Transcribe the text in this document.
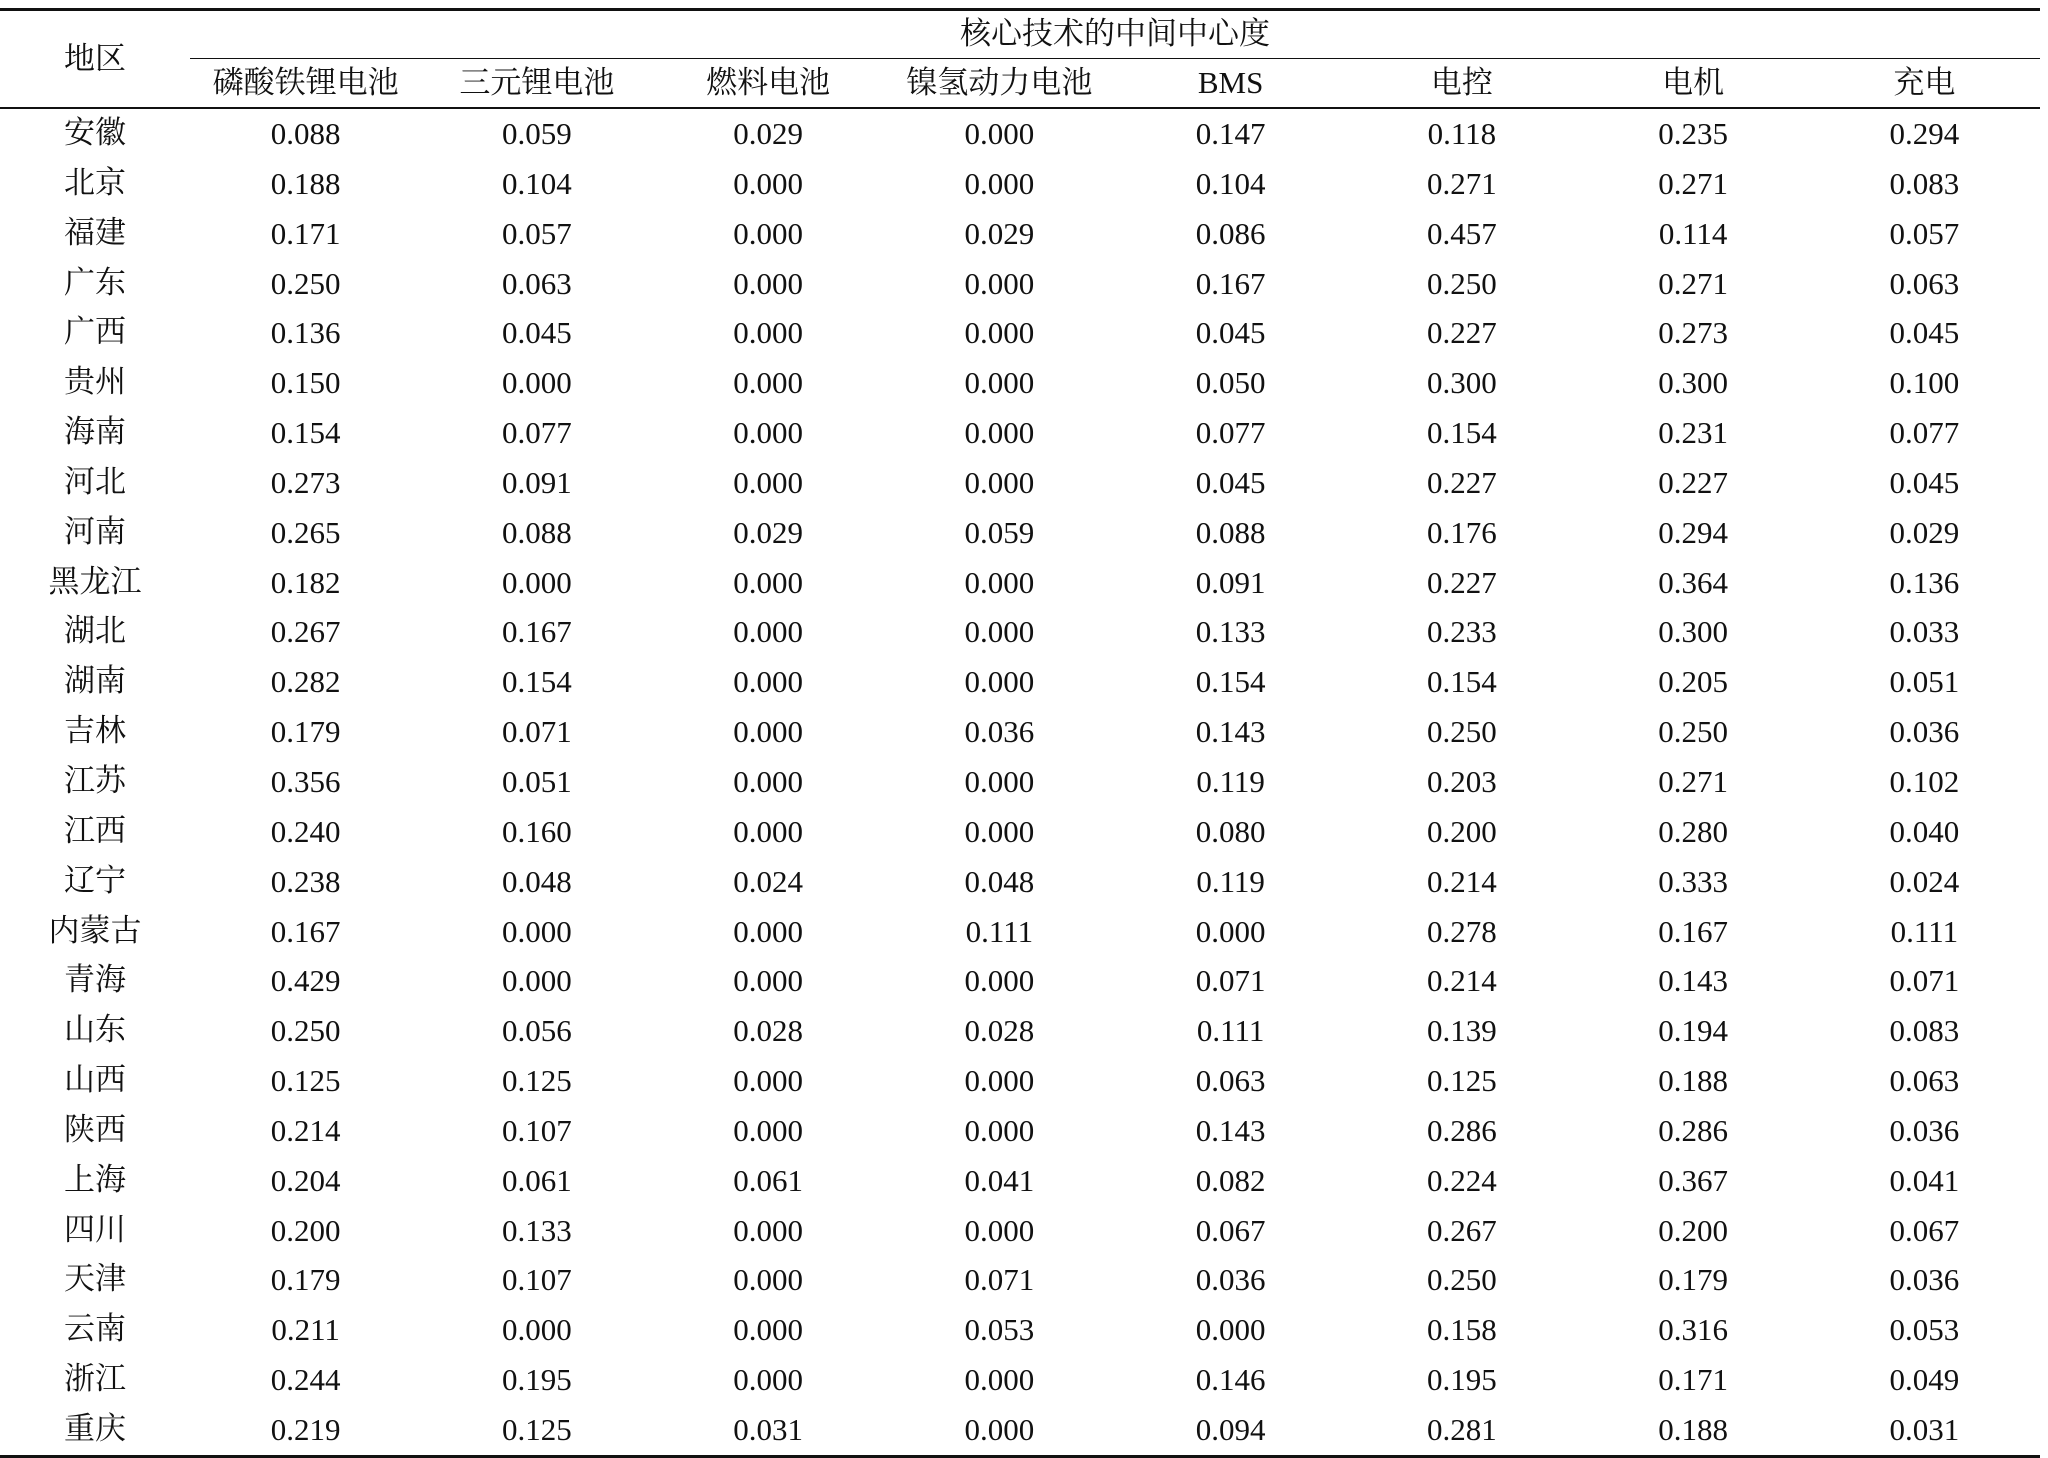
地区	核心技术的中间中心度							
	磷酸铁锂电池	三元锂电池	燃料电池	镍氢动力电池	BMS	电控	电机	充电
安徽	0.088	0.059	0.029	0.000	0.147	0.118	0.235	0.294
北京	0.188	0.104	0.000	0.000	0.104	0.271	0.271	0.083
福建	0.171	0.057	0.000	0.029	0.086	0.457	0.114	0.057
广东	0.250	0.063	0.000	0.000	0.167	0.250	0.271	0.063
广西	0.136	0.045	0.000	0.000	0.045	0.227	0.273	0.045
贵州	0.150	0.000	0.000	0.000	0.050	0.300	0.300	0.100
海南	0.154	0.077	0.000	0.000	0.077	0.154	0.231	0.077
河北	0.273	0.091	0.000	0.000	0.045	0.227	0.227	0.045
河南	0.265	0.088	0.029	0.059	0.088	0.176	0.294	0.029
黑龙江	0.182	0.000	0.000	0.000	0.091	0.227	0.364	0.136
湖北	0.267	0.167	0.000	0.000	0.133	0.233	0.300	0.033
湖南	0.282	0.154	0.000	0.000	0.154	0.154	0.205	0.051
吉林	0.179	0.071	0.000	0.036	0.143	0.250	0.250	0.036
江苏	0.356	0.051	0.000	0.000	0.119	0.203	0.271	0.102
江西	0.240	0.160	0.000	0.000	0.080	0.200	0.280	0.040
辽宁	0.238	0.048	0.024	0.048	0.119	0.214	0.333	0.024
内蒙古	0.167	0.000	0.000	0.111	0.000	0.278	0.167	0.111
青海	0.429	0.000	0.000	0.000	0.071	0.214	0.143	0.071
山东	0.250	0.056	0.028	0.028	0.111	0.139	0.194	0.083
山西	0.125	0.125	0.000	0.000	0.063	0.125	0.188	0.063
陕西	0.214	0.107	0.000	0.000	0.143	0.286	0.286	0.036
上海	0.204	0.061	0.061	0.041	0.082	0.224	0.367	0.041
四川	0.200	0.133	0.000	0.000	0.067	0.267	0.200	0.067
天津	0.179	0.107	0.000	0.071	0.036	0.250	0.179	0.036
云南	0.211	0.000	0.000	0.053	0.000	0.158	0.316	0.053
浙江	0.244	0.195	0.000	0.000	0.146	0.195	0.171	0.049
重庆	0.219	0.125	0.031	0.000	0.094	0.281	0.188	0.031
